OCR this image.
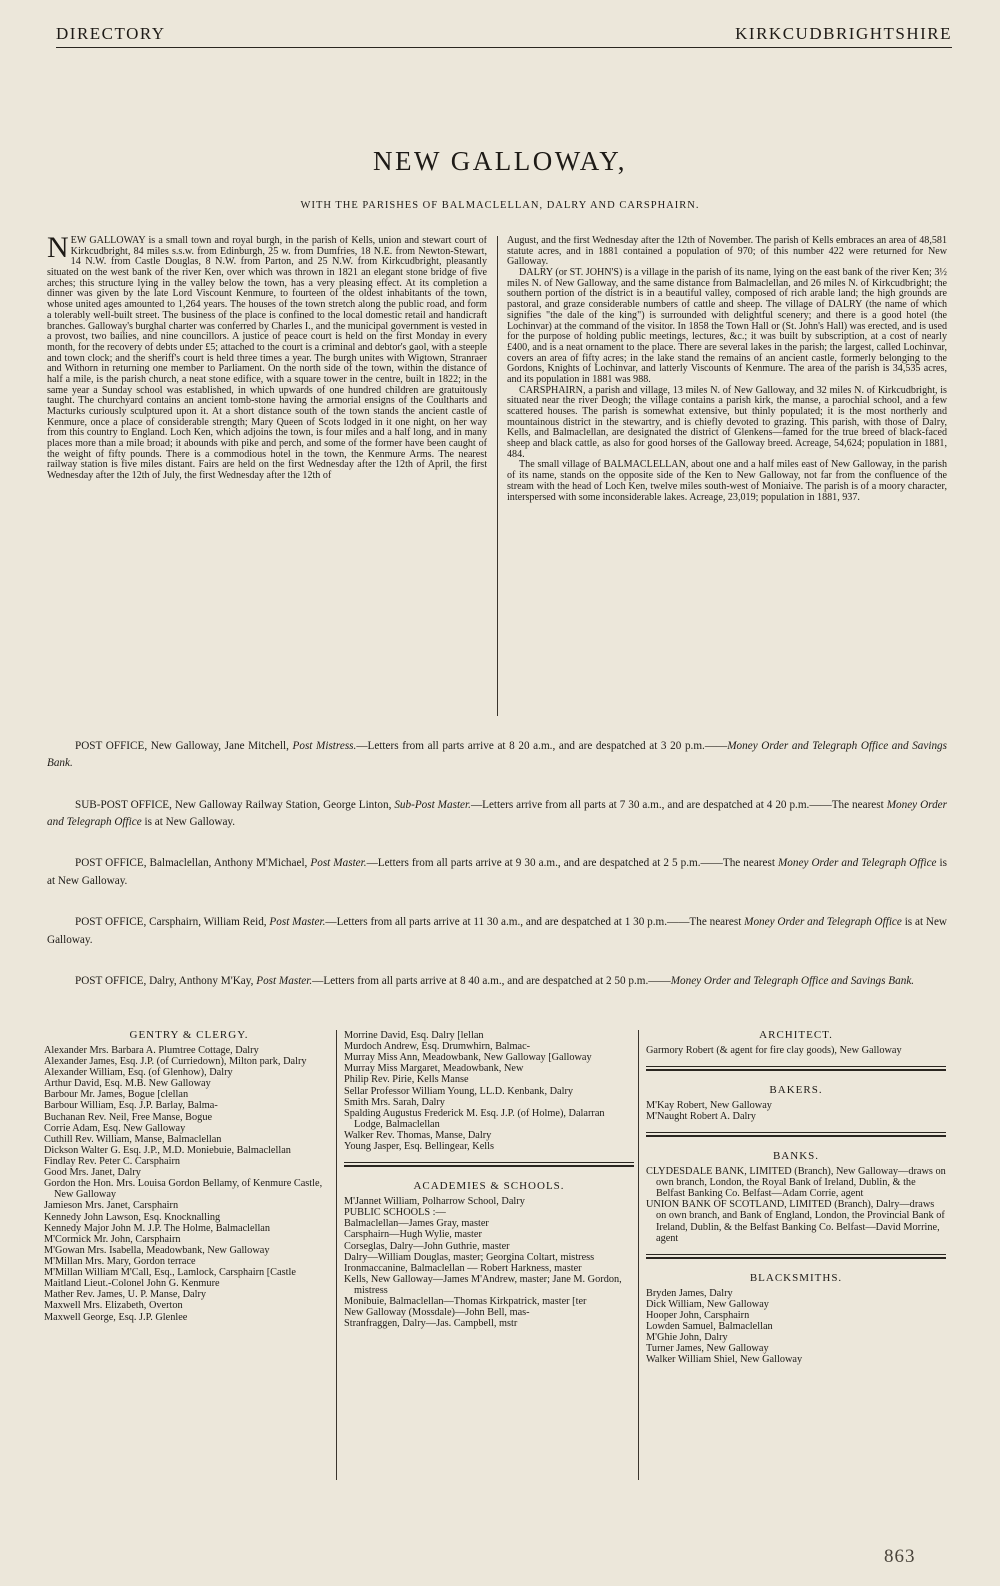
DIRECTORY	KIRKCUDBRIGHTSHIRE
NEW GALLOWAY,
WITH THE PARISHES OF BALMACLELLAN, DALRY AND CARSPHAIRN.

NEW GALLOWAY is a small town and royal burgh, in the parish of Kells, union and stewart court of Kirkcudbright, 84 miles s.s.w. from Edinburgh, 25 w. from Dumfries, 18 N.E. from Newton-Stewart, 14 N.W. from Castle Douglas, 8 N.W. from Parton, and 25 N.W. from Kirkcudbright, pleasantly situated on the west bank of the river Ken, over which was thrown in 1821 an elegant stone bridge of five arches; this structure lying in the valley below the town, has a very pleasing effect. At its completion a dinner was given by the late Lord Viscount Kenmure, to fourteen of the oldest inhabitants of the town, whose united ages amounted to 1,264 years. The houses of the town stretch along the public road, and form a tolerably well-built street. The business of the place is confined to the local domestic retail and handicraft branches. Galloway's burghal charter was conferred by Charles I., and the municipal government is vested in a provost, two bailies, and nine councillors. A justice of peace court is held on the first Monday in every month, for the recovery of debts under £5; attached to the court is a criminal and debtor's gaol, with a steeple and town clock; and the sheriff's court is held three times a year. The burgh unites with Wigtown, Stranraer and Withorn in returning one member to Parliament. On the north side of the town, within the distance of half a mile, is the parish church, a neat stone edifice, with a square tower in the centre, built in 1822; in the same year a Sunday school was established, in which upwards of one hundred children are gratuitously taught. The churchyard contains an ancient tomb-stone having the armorial ensigns of the Coultharts and Macturks curiously sculptured upon it. At a short distance south of the town stands the ancient castle of Kenmure, once a place of considerable strength; Mary Queen of Scots lodged in it one night, on her way from this country to England. Loch Ken, which adjoins the town, is four miles and a half long, and in many places more than a mile broad; it abounds with pike and perch, and some of the former have been caught of the weight of fifty pounds. There is a commodious hotel in the town, the Kenmure Arms. The nearest railway station is five miles distant. Fairs are held on the first Wednesday after the 12th of April, the first Wednesday after the 12th of July, the first Wednesday after the 12th of

August, and the first Wednesday after the 12th of November. The parish of Kells embraces an area of 48,581 statute acres, and in 1881 contained a population of 970; of this number 422 were returned for New Galloway.

DALRY (or ST. JOHN'S) is a village in the parish of its name, lying on the east bank of the river Ken; 3½ miles N. of New Galloway, and the same distance from Balmaclellan, and 26 miles N. of Kirkcudbright; the southern portion of the district is in a beautiful valley, composed of rich arable land; the high grounds are pastoral, and graze considerable numbers of cattle and sheep. The village of DALRY (the name of which signifies "the dale of the king") is surrounded with delightful scenery; and there is a good hotel (the Lochinvar) at the command of the visitor. In 1858 the Town Hall or (St. John's Hall) was erected, and is used for the purpose of holding public meetings, lectures, &c.; it was built by subscription, at a cost of nearly £400, and is a neat ornament to the place. There are several lakes in the parish; the largest, called Lochinvar, covers an area of fifty acres; in the lake stand the remains of an ancient castle, formerly belonging to the Gordons, Knights of Lochinvar, and latterly Viscounts of Kenmure. The area of the parish is 34,535 acres, and its population in 1881 was 988.

CARSPHAIRN, a parish and village, 13 miles N. of New Galloway, and 32 miles N. of Kirkcudbright, is situated near the river Deogh; the village contains a parish kirk, the manse, a parochial school, and a few scattered houses. The parish is somewhat extensive, but thinly populated; it is the most northerly and mountainous district in the stewartry, and is chiefly devoted to grazing. This parish, with those of Dalry, Kells, and Balmaclellan, are designated the district of Glenkens—famed for the true breed of black-faced sheep and black cattle, as also for good horses of the Galloway breed. Acreage, 54,624; population in 1881, 484.

The small village of BALMACLELLAN, about one and a half miles east of New Galloway, in the parish of its name, stands on the opposite side of the Ken to New Galloway, not far from the confluence of the stream with the head of Loch Ken, twelve miles south-west of Moniaive. The parish is of a moory character, interspersed with some inconsiderable lakes. Acreage, 23,019; population in 1881, 937.

POST OFFICE, New Galloway, Jane Mitchell, Post Mistress.—Letters from all parts arrive at 8 20 a.m., and are despatched at 3 20 p.m.——Money Order and Telegraph Office and Savings Bank.

SUB-POST OFFICE, New Galloway Railway Station, George Linton, Sub-Post Master.—Letters arrive from all parts at 7 30 a.m., and are despatched at 4 20 p.m.——The nearest Money Order and Telegraph Office is at New Galloway.

POST OFFICE, Balmaclellan, Anthony M'Michael, Post Master.—Letters from all parts arrive at 9 30 a.m., and are despatched at 2 5 p.m.——The nearest Money Order and Telegraph Office is at New Galloway.

POST OFFICE, Carsphairn, William Reid, Post Master.—Letters from all parts arrive at 11 30 a.m., and are despatched at 1 30 p.m.——The nearest Money Order and Telegraph Office is at New Galloway.

POST OFFICE, Dalry, Anthony M'Kay, Post Master.—Letters from all parts arrive at 8 40 a.m., and are despatched at 2 50 p.m.——Money Order and Telegraph Office and Savings Bank.

GENTRY & CLERGY.

Alexander Mrs. Barbara A. Plumtree Cottage, Dalry

Alexander James, Esq. J.P. (of Curriedown), Milton park, Dalry

Alexander William, Esq. (of Glenhow), Dalry

Arthur David, Esq. M.B. New Galloway

Barbour Mr. James, Bogue [clellan

Barbour William, Esq. J.P. Barlay, Balma-

Buchanan Rev. Neil, Free Manse, Bogue

Corrie Adam, Esq. New Galloway

Cuthill Rev. William, Manse, Balmaclellan

Dickson Walter G. Esq. J.P., M.D. Moniebuie, Balmaclellan

Findlay Rev. Peter C. Carsphairn

Good Mrs. Janet, Dalry

Gordon the Hon. Mrs. Louisa Gordon Bellamy, of Kenmure Castle, New Galloway

Jamieson Mrs. Janet, Carsphairn

Kennedy John Lawson, Esq. Knocknalling

Kennedy Major John M. J.P. The Holme, Balmaclellan

M'Cormick Mr. John, Carsphairn

M'Gowan Mrs. Isabella, Meadowbank, New Galloway

M'Millan Mrs. Mary, Gordon terrace

M'Millan William M'Call, Esq., Lamlock, Carsphairn [Castle

Maitland Lieut.-Colonel John G. Kenmure

Mather Rev. James, U. P. Manse, Dalry

Maxwell Mrs. Elizabeth, Overton

Maxwell George, Esq. J.P. Glenlee

Morrine David, Esq. Dalry [lellan

Murdoch Andrew, Esq. Drumwhirn, Balmac-

Murray Miss Ann, Meadowbank, New Galloway [Galloway

Murray Miss Margaret, Meadowbank, New

Philip Rev. Pirie, Kells Manse

Sellar Professor William Young, LL.D. Kenbank, Dalry

Smith Mrs. Sarah, Dalry

Spalding Augustus Frederick M. Esq. J.P. (of Holme), Dalarran Lodge, Balmaclellan

Walker Rev. Thomas, Manse, Dalry

Young Jasper, Esq. Bellingear, Kells

ACADEMIES & SCHOOLS.

M'Jannet William, Polharrow School, Dalry

PUBLIC SCHOOLS :—

Balmaclellan—James Gray, master

Carsphairn—Hugh Wylie, master

Corseglas, Dalry—John Guthrie, master

Dalry—William Douglas, master; Georgina Coltart, mistress

Ironmaccanine, Balmaclellan — Robert Harkness, master

Kells, New Galloway—James M'Andrew, master; Jane M. Gordon, mistress

Monibuie, Balmaclellan—Thomas Kirkpatrick, master [ter

New Galloway (Mossdale)—John Bell, mas-

Stranfraggen, Dalry—Jas. Campbell, mstr

ARCHITECT.

Garmory Robert (& agent for fire clay goods), New Galloway

BAKERS.

M'Kay Robert, New Galloway

M'Naught Robert A. Dalry

BANKS.

CLYDESDALE BANK, LIMITED (Branch), New Galloway—draws on own branch, London, the Royal Bank of Ireland, Dublin, & the Belfast Banking Co. Belfast—Adam Corrie, agent

UNION BANK OF SCOTLAND, LIMITED (Branch), Dalry—draws on own branch, and Bank of England, London, the Provincial Bank of Ireland, Dublin, & the Belfast Banking Co. Belfast—David Morrine, agent

BLACKSMITHS.

Bryden James, Dalry

Dick William, New Galloway

Hooper John, Carsphairn

Lowden Samuel, Balmaclellan

M'Ghie John, Dalry

Turner James, New Galloway

Walker William Shiel, New Galloway

863
